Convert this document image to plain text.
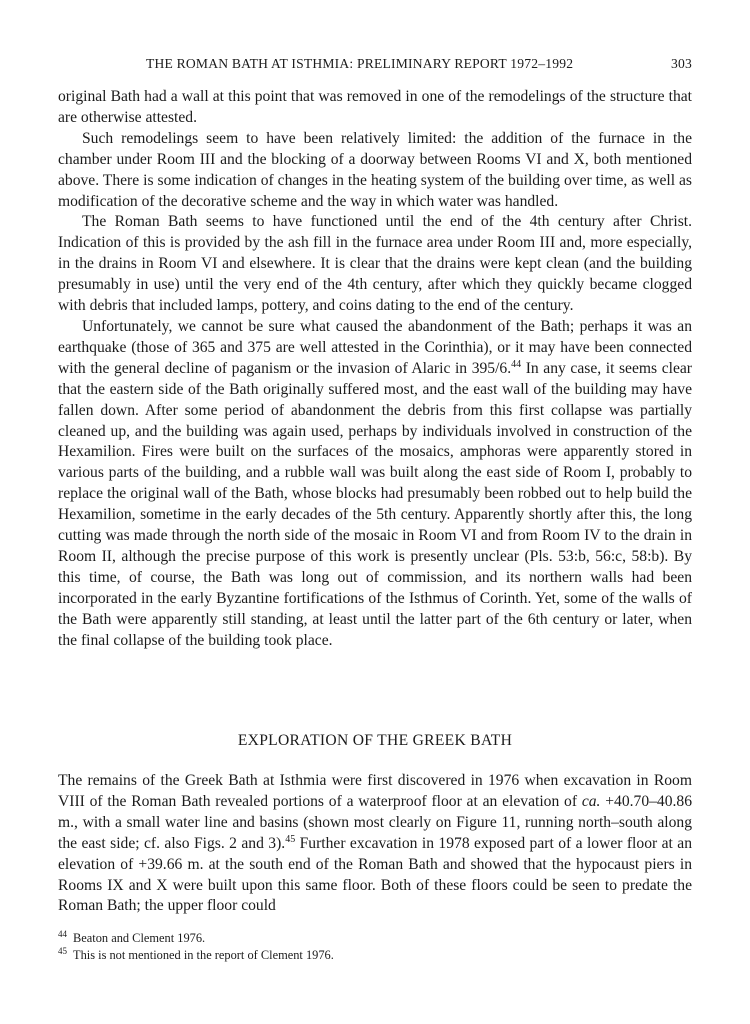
THE ROMAN BATH AT ISTHMIA: PRELIMINARY REPORT 1972–1992	303

original Bath had a wall at this point that was removed in one of the remodelings of the structure that are otherwise attested.

Such remodelings seem to have been relatively limited: the addition of the furnace in the chamber under Room III and the blocking of a doorway between Rooms VI and X, both mentioned above. There is some indication of changes in the heating system of the building over time, as well as modification of the decorative scheme and the way in which water was handled.

The Roman Bath seems to have functioned until the end of the 4th century after Christ. Indication of this is provided by the ash fill in the furnace area under Room III and, more especially, in the drains in Room VI and elsewhere. It is clear that the drains were kept clean (and the building presumably in use) until the very end of the 4th century, after which they quickly became clogged with debris that included lamps, pottery, and coins dating to the end of the century.

Unfortunately, we cannot be sure what caused the abandonment of the Bath; perhaps it was an earthquake (those of 365 and 375 are well attested in the Corinthia), or it may have been connected with the general decline of paganism or the invasion of Alaric in 395/6.44 In any case, it seems clear that the eastern side of the Bath originally suffered most, and the east wall of the building may have fallen down. After some period of abandonment the debris from this first collapse was partially cleaned up, and the building was again used, perhaps by individuals involved in construction of the Hexamilion. Fires were built on the surfaces of the mosaics, amphoras were apparently stored in various parts of the building, and a rubble wall was built along the east side of Room I, probably to replace the original wall of the Bath, whose blocks had presumably been robbed out to help build the Hexamilion, sometime in the early decades of the 5th century. Apparently shortly after this, the long cutting was made through the north side of the mosaic in Room VI and from Room IV to the drain in Room II, although the precise purpose of this work is presently unclear (Pls. 53:b, 56:c, 58:b). By this time, of course, the Bath was long out of commission, and its northern walls had been incorporated in the early Byzantine fortifications of the Isthmus of Corinth. Yet, some of the walls of the Bath were apparently still standing, at least until the latter part of the 6th century or later, when the final collapse of the building took place.

EXPLORATION OF THE GREEK BATH

The remains of the Greek Bath at Isthmia were first discovered in 1976 when excavation in Room VIII of the Roman Bath revealed portions of a waterproof floor at an elevation of ca. +40.70–40.86 m., with a small water line and basins (shown most clearly on Figure 11, running north–south along the east side; cf. also Figs. 2 and 3).$^{45}$ Further excavation in 1978 exposed part of a lower floor at an elevation of +39.66 m. at the south end of the Roman Bath and showed that the hypocaust piers in Rooms IX and X were built upon this same floor. Both of these floors could be seen to predate the Roman Bath; the upper floor could

44 Beaton and Clement 1976.
45 This is not mentioned in the report of Clement 1976.
